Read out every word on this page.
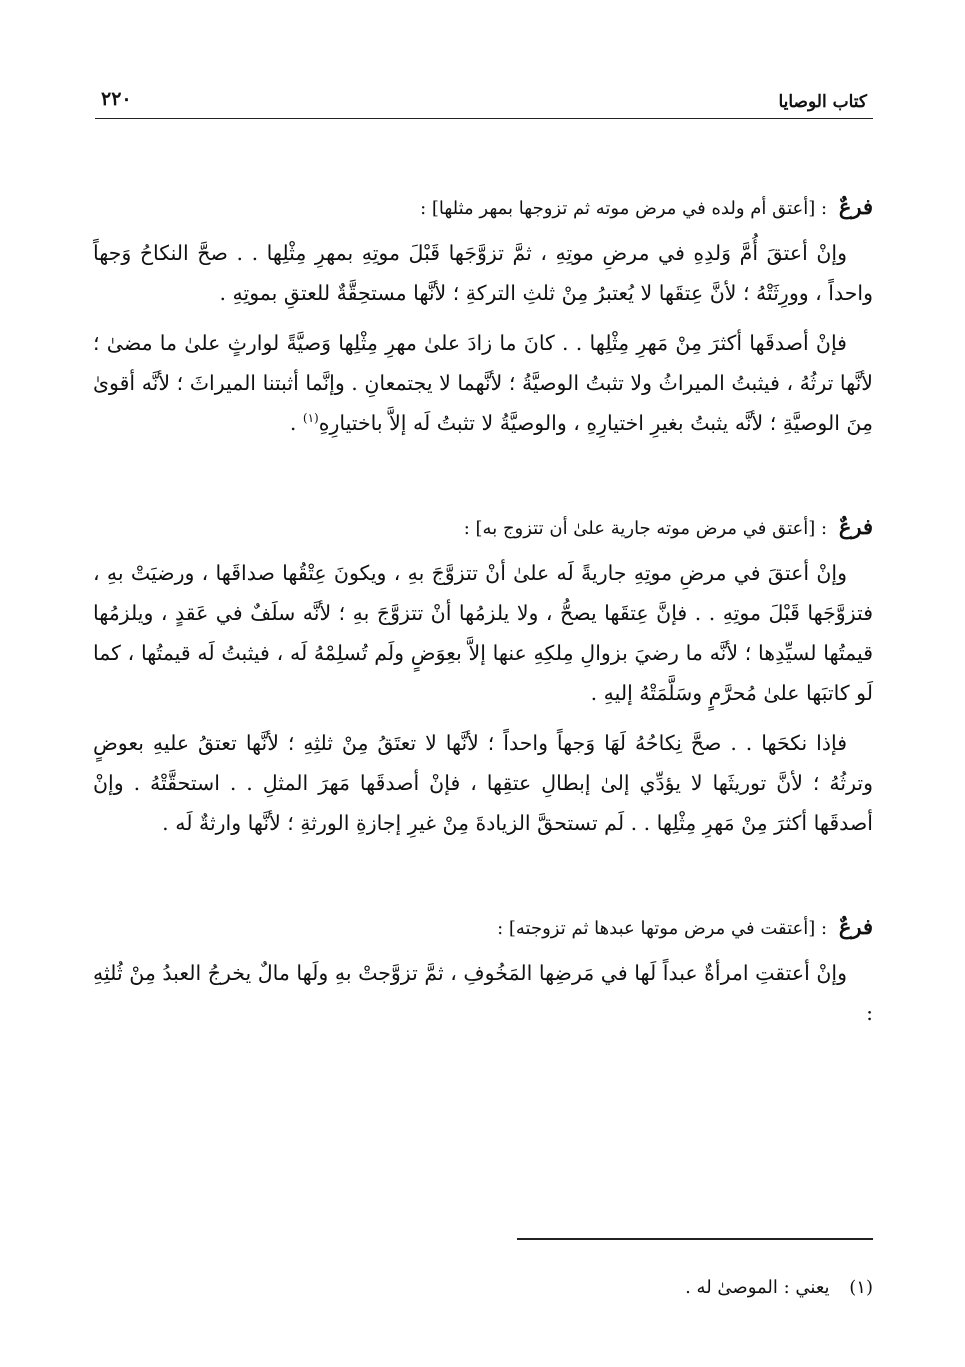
كتاب الوصايا
٢٢٠
فرعٌ : [أعتق أم ولده في مرض موته ثم تزوجها بمهر مثلها] :

وإنْ أعتقَ أُمَّ وَلدِهِ في مرضِ موتِهِ ، ثمَّ تزوَّجَها قَبْلَ موتِهِ بمهرِ مِثْلِها . . صحَّ النكاحُ وَجهاً واحداً ، وورِثَتْهُ ؛ لأنَّ عِتقَها لا يُعتبرُ مِنْ ثلثِ التركةِ ؛ لأنَّها مستحِقَّةٌ للعتقِ بموتِهِ .

فإنْ أصدقَها أكثرَ مِنْ مَهرِ مِثْلِها . . كانَ ما زادَ علىٰ مهرِ مِثْلِها وَصيَّةً لوارثٍ علىٰ ما مضىٰ ؛ لأنَّها ترثُهُ ، فيثبتُ الميراثُ ولا تثبتُ الوصيَّةُ ؛ لأنَّهما لا يجتمعانِ . وإنَّما أثبتنا الميراثَ ؛ لأنَّه أقوىٰ مِنَ الوصيَّةِ ؛ لأنَّه يثبتُ بغيرِ اختيارِهِ ، والوصيَّةُ لا تثبتُ لَه إلاَّ باختيارِهِ$^{(١)}$ .

فرعٌ : [أعتق في مرض موته جارية علىٰ أن تتزوج به] :

وإنْ أعتقَ في مرضِ موتِهِ جاريةً لَه علىٰ أنْ تتزوَّجَ بهِ ، ويكونَ عِتْقُها صداقَها ، ورضيَتْ بهِ ، فتزوَّجَها قَبْلَ موتِهِ . . فإنَّ عِتقَها يصحُّ ، ولا يلزمُها أنْ تتزوَّجَ بهِ ؛ لأنَّه سلَفٌ في عَقدٍ ، ويلزمُها قيمتُها لسيِّدِها ؛ لأنَّه ما رضيَ بزوالِ مِلكِهِ عنها إلاَّ بعِوَضٍ ولَم تُسلِمْهُ لَه ، فيثبتُ لَه قيمتُها ، كما لَو كاتبَها علىٰ مُحرَّمٍ وسَلَّمَتْهُ إليهِ .

فإذا نكحَها . . صحَّ نِكاحُهُ لَهَا وَجهاً واحداً ؛ لأنَّها لا تعتَقُ مِنْ ثلثِهِ ؛ لأنَّها تعتقُ عليهِ بعوضٍ وترثُهُ ؛ لأنَّ توريثَها لا يؤدِّي إلىٰ إبطالِ عتقِها ، فإنْ أصدقَها مَهرَ المثلِ . . استحقَّتْهُ . وإنْ أصدقَها أكثرَ مِنْ مَهرِ مِثْلِها . . لَم تستحقَّ الزيادةَ مِنْ غيرِ إجازةِ الورثةِ ؛ لأنَّها وارثةٌ لَه .

فرعٌ : [أعتقت في مرض موتها عبدها ثم تزوجته] :

وإنْ أعتقتِ امرأةٌ عبداً لَها في مَرضِها المَخُوفِ ، ثمَّ تزوَّجتْ بهِ ولَها مالٌ يخرجُ العبدُ مِنْ ثُلثِهِ :

(١) يعني : الموصىٰ له .
